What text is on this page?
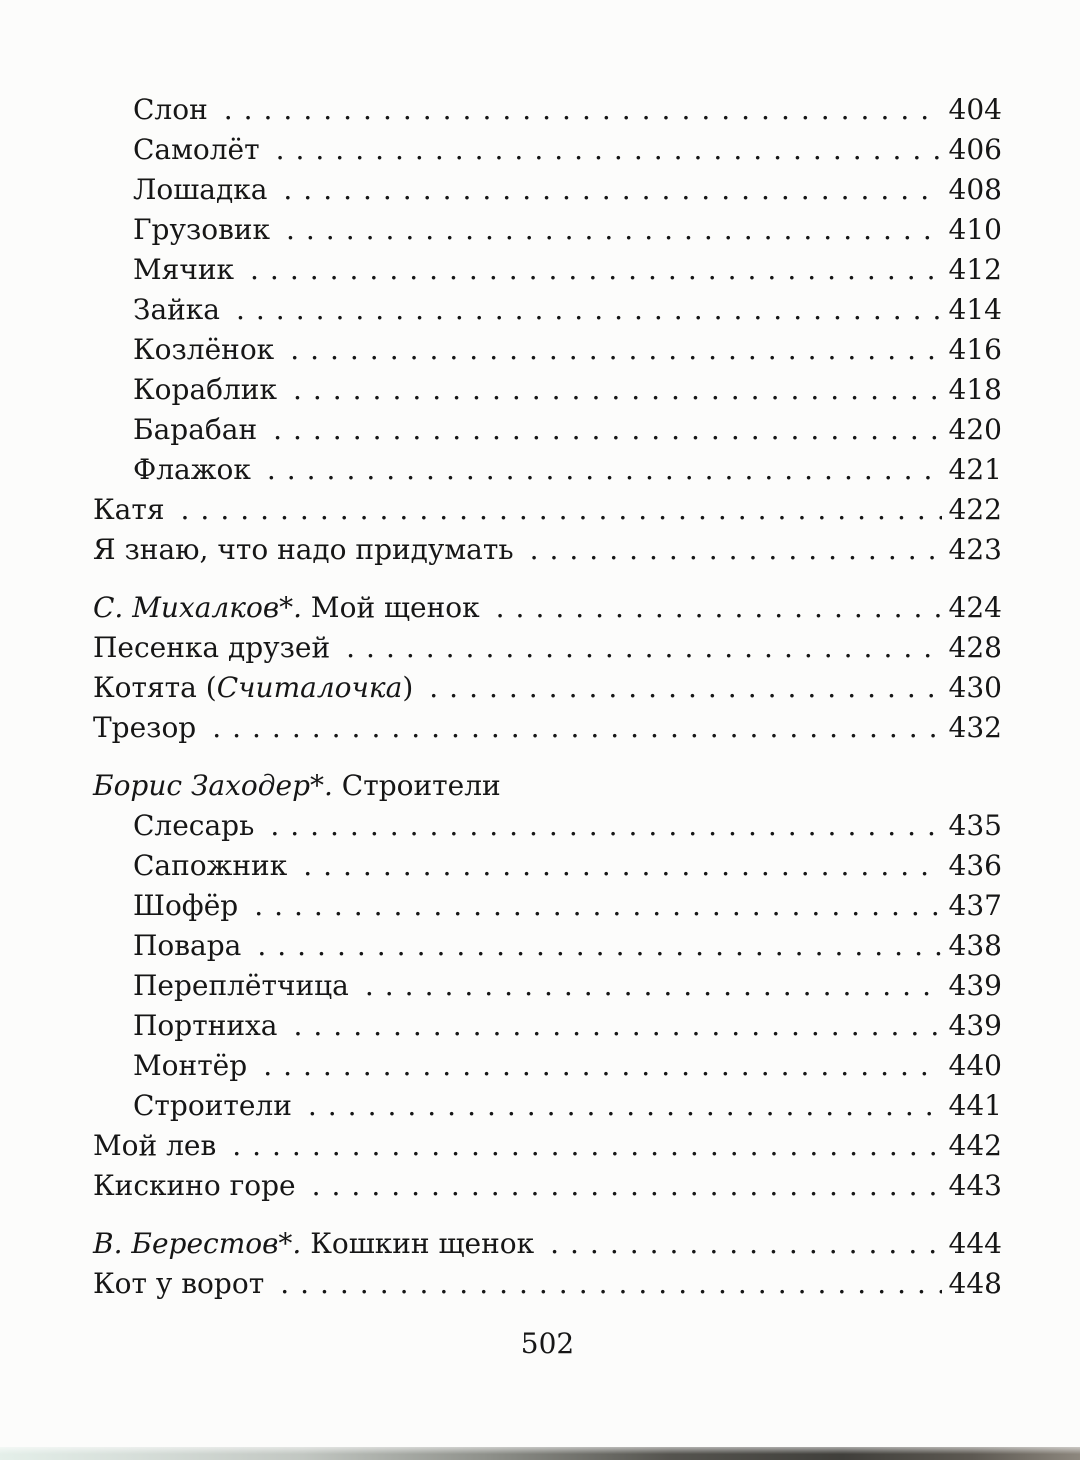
Слон .....	404
Самолёт .....	406
Лошадка .....	408
Грузовик .....	410
Мячик .....	412
Зайка .....	414
Козлёнок .....	416
Кораблик .....	418
Барабан .....	420
Флажок .....	421
Катя .....	422
Я знаю, что надо придумать .....	423
С. Михалков*. Мой щенок .....	424
Песенка друзей .....	428
Котята (Считалочка) .....	430
Трезор .....	432
Борис Заходер*. Строители
Слесарь .....	435
Сапожник .....	436
Шофёр .....	437
Повара .....	438
Переплётчица .....	439
Портниха .....	439
Монтёр .....	440
Строители .....	441
Мой лев .....	442
Кискино горе .....	443
В. Берестов*. Кошкин щенок .....	444
Кот у ворот .....	448
502
